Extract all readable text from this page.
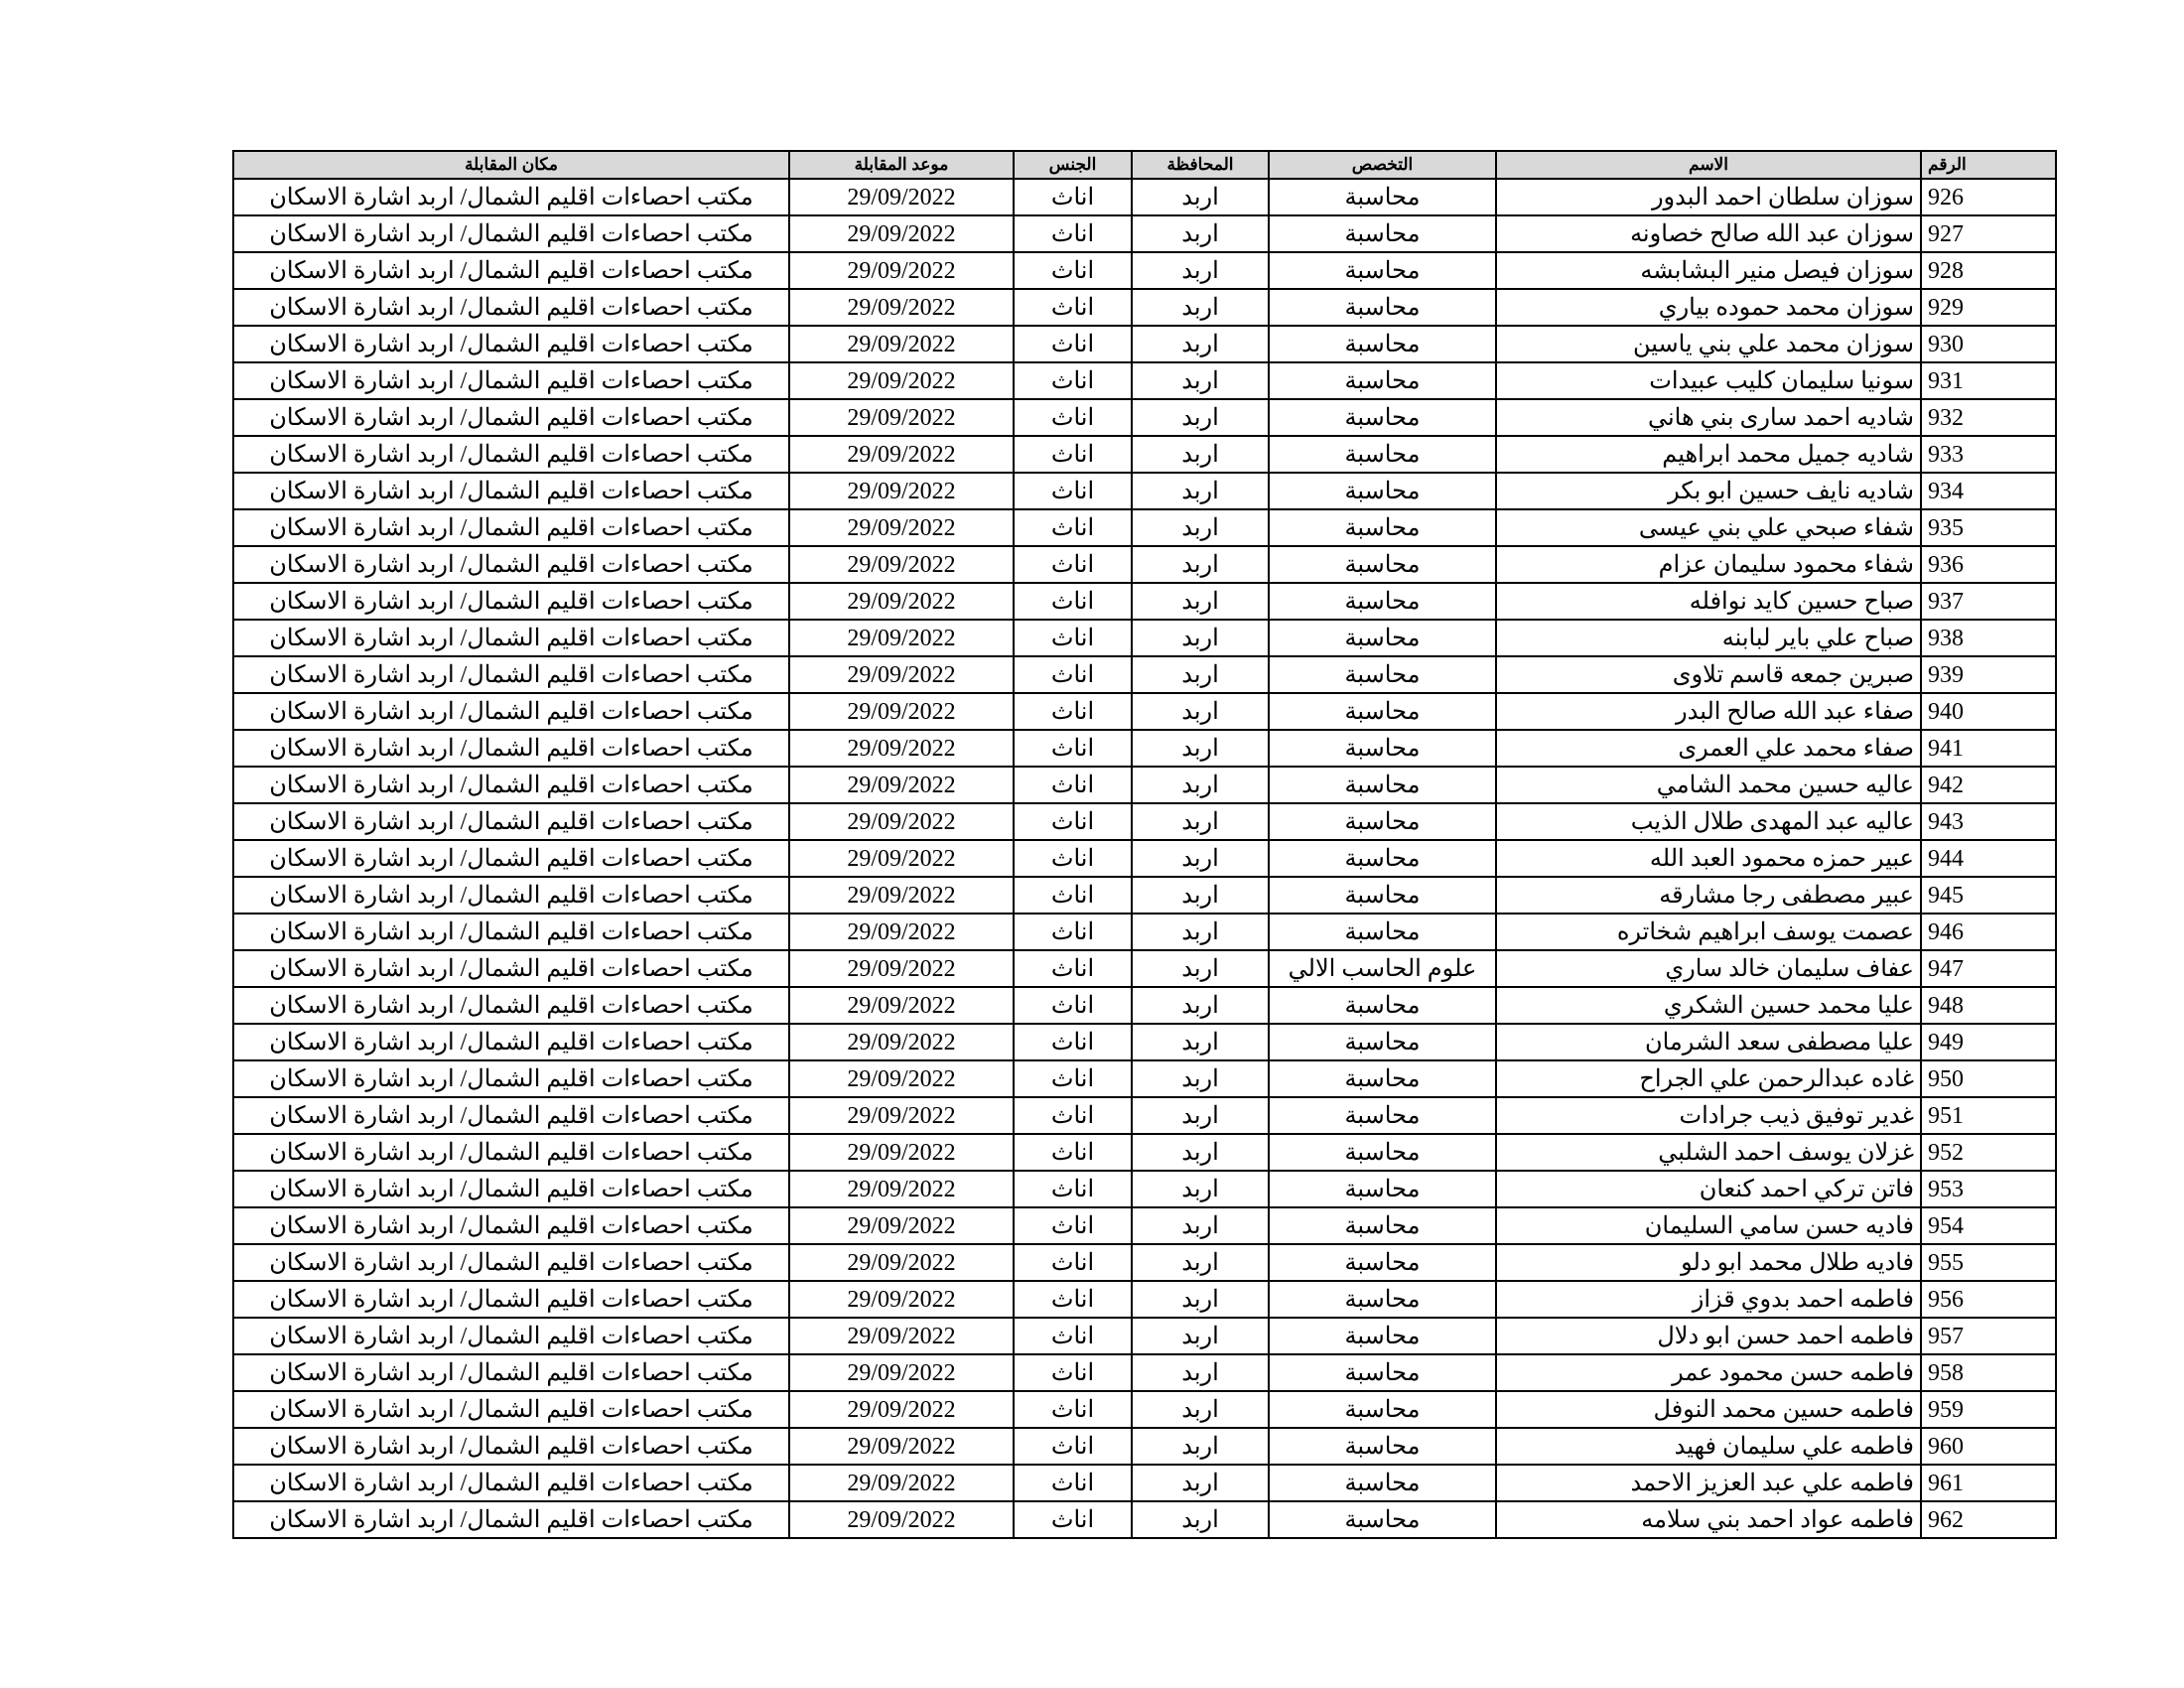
الرقم	الاسم	التخصص	المحافظة	الجنس	موعد المقابلة	مكان المقابلة
926	سوزان سلطان احمد البدور	محاسبة	اربد	اناث	29/09/2022	مكتب احصاءات اقليم الشمال/ اربد اشارة الاسكان
927	سوزان عبد الله صالح خصاونه	محاسبة	اربد	اناث	29/09/2022	مكتب احصاءات اقليم الشمال/ اربد اشارة الاسكان
928	سوزان فيصل منير البشابشه	محاسبة	اربد	اناث	29/09/2022	مكتب احصاءات اقليم الشمال/ اربد اشارة الاسكان
929	سوزان محمد حموده بياري	محاسبة	اربد	اناث	29/09/2022	مكتب احصاءات اقليم الشمال/ اربد اشارة الاسكان
930	سوزان محمد علي بني ياسين	محاسبة	اربد	اناث	29/09/2022	مكتب احصاءات اقليم الشمال/ اربد اشارة الاسكان
931	سونيا سليمان كليب عبيدات	محاسبة	اربد	اناث	29/09/2022	مكتب احصاءات اقليم الشمال/ اربد اشارة الاسكان
932	شاديه احمد سارى بني هاني	محاسبة	اربد	اناث	29/09/2022	مكتب احصاءات اقليم الشمال/ اربد اشارة الاسكان
933	شاديه جميل محمد ابراهيم	محاسبة	اربد	اناث	29/09/2022	مكتب احصاءات اقليم الشمال/ اربد اشارة الاسكان
934	شاديه نايف حسين ابو بكر	محاسبة	اربد	اناث	29/09/2022	مكتب احصاءات اقليم الشمال/ اربد اشارة الاسكان
935	شفاء صبحي علي بني عيسى	محاسبة	اربد	اناث	29/09/2022	مكتب احصاءات اقليم الشمال/ اربد اشارة الاسكان
936	شفاء محمود سليمان عزام	محاسبة	اربد	اناث	29/09/2022	مكتب احصاءات اقليم الشمال/ اربد اشارة الاسكان
937	صباح حسين كايد نوافله	محاسبة	اربد	اناث	29/09/2022	مكتب احصاءات اقليم الشمال/ اربد اشارة الاسكان
938	صباح علي باير لبابنه	محاسبة	اربد	اناث	29/09/2022	مكتب احصاءات اقليم الشمال/ اربد اشارة الاسكان
939	صبرين جمعه قاسم تلاوى	محاسبة	اربد	اناث	29/09/2022	مكتب احصاءات اقليم الشمال/ اربد اشارة الاسكان
940	صفاء عبد الله صالح البدر	محاسبة	اربد	اناث	29/09/2022	مكتب احصاءات اقليم الشمال/ اربد اشارة الاسكان
941	صفاء محمد علي العمرى	محاسبة	اربد	اناث	29/09/2022	مكتب احصاءات اقليم الشمال/ اربد اشارة الاسكان
942	عاليه حسين محمد الشامي	محاسبة	اربد	اناث	29/09/2022	مكتب احصاءات اقليم الشمال/ اربد اشارة الاسكان
943	عاليه عبد المهدى طلال الذيب	محاسبة	اربد	اناث	29/09/2022	مكتب احصاءات اقليم الشمال/ اربد اشارة الاسكان
944	عبير حمزه محمود العبد الله	محاسبة	اربد	اناث	29/09/2022	مكتب احصاءات اقليم الشمال/ اربد اشارة الاسكان
945	عبير مصطفى رجا مشارقه	محاسبة	اربد	اناث	29/09/2022	مكتب احصاءات اقليم الشمال/ اربد اشارة الاسكان
946	عصمت يوسف ابراهيم شخاتره	محاسبة	اربد	اناث	29/09/2022	مكتب احصاءات اقليم الشمال/ اربد اشارة الاسكان
947	عفاف سليمان خالد ساري	علوم الحاسب الالي	اربد	اناث	29/09/2022	مكتب احصاءات اقليم الشمال/ اربد اشارة الاسكان
948	عليا محمد حسين الشكري	محاسبة	اربد	اناث	29/09/2022	مكتب احصاءات اقليم الشمال/ اربد اشارة الاسكان
949	عليا مصطفى سعد الشرمان	محاسبة	اربد	اناث	29/09/2022	مكتب احصاءات اقليم الشمال/ اربد اشارة الاسكان
950	غاده عبدالرحمن علي الجراح	محاسبة	اربد	اناث	29/09/2022	مكتب احصاءات اقليم الشمال/ اربد اشارة الاسكان
951	غدير توفيق ذيب جرادات	محاسبة	اربد	اناث	29/09/2022	مكتب احصاءات اقليم الشمال/ اربد اشارة الاسكان
952	غزلان يوسف احمد الشلبي	محاسبة	اربد	اناث	29/09/2022	مكتب احصاءات اقليم الشمال/ اربد اشارة الاسكان
953	فاتن تركي احمد كنعان	محاسبة	اربد	اناث	29/09/2022	مكتب احصاءات اقليم الشمال/ اربد اشارة الاسكان
954	فاديه حسن سامي السليمان	محاسبة	اربد	اناث	29/09/2022	مكتب احصاءات اقليم الشمال/ اربد اشارة الاسكان
955	فاديه طلال محمد ابو دلو	محاسبة	اربد	اناث	29/09/2022	مكتب احصاءات اقليم الشمال/ اربد اشارة الاسكان
956	فاطمه احمد بدوي قزاز	محاسبة	اربد	اناث	29/09/2022	مكتب احصاءات اقليم الشمال/ اربد اشارة الاسكان
957	فاطمه احمد حسن ابو دلال	محاسبة	اربد	اناث	29/09/2022	مكتب احصاءات اقليم الشمال/ اربد اشارة الاسكان
958	فاطمه حسن محمود عمر	محاسبة	اربد	اناث	29/09/2022	مكتب احصاءات اقليم الشمال/ اربد اشارة الاسكان
959	فاطمه حسين محمد النوفل	محاسبة	اربد	اناث	29/09/2022	مكتب احصاءات اقليم الشمال/ اربد اشارة الاسكان
960	فاطمه علي سليمان فهيد	محاسبة	اربد	اناث	29/09/2022	مكتب احصاءات اقليم الشمال/ اربد اشارة الاسكان
961	فاطمه علي عبد العزيز الاحمد	محاسبة	اربد	اناث	29/09/2022	مكتب احصاءات اقليم الشمال/ اربد اشارة الاسكان
962	فاطمه عواد احمد بني سلامه	محاسبة	اربد	اناث	29/09/2022	مكتب احصاءات اقليم الشمال/ اربد اشارة الاسكان
